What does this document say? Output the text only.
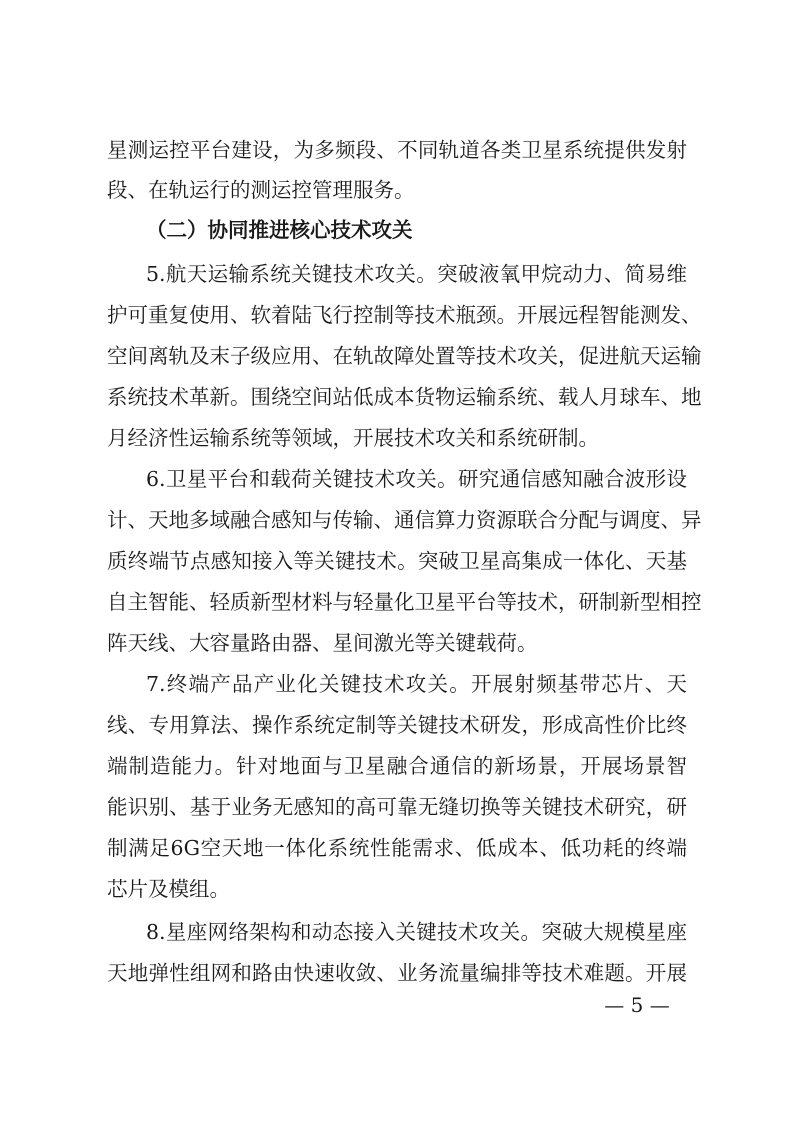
星测运控平台建设，为多频段、不同轨道各类卫星系统提供发射
段、在轨运行的测运控管理服务。
（二）协同推进核心技术攻关
5.航天运输系统关键技术攻关。突破液氧甲烷动力、简易维
护可重复使用、软着陆飞行控制等技术瓶颈。开展远程智能测发、
空间离轨及末子级应用、在轨故障处置等技术攻关，促进航天运输
系统技术革新。围绕空间站低成本货物运输系统、载人月球车、地
月经济性运输系统等领域，开展技术攻关和系统研制。
6.卫星平台和载荷关键技术攻关。研究通信感知融合波形设
计、天地多域融合感知与传输、通信算力资源联合分配与调度、异
质终端节点感知接入等关键技术。突破卫星高集成一体化、天基
自主智能、轻质新型材料与轻量化卫星平台等技术，研制新型相控
阵天线、大容量路由器、星间激光等关键载荷。
7.终端产品产业化关键技术攻关。开展射频基带芯片、天
线、专用算法、操作系统定制等关键技术研发，形成高性价比终
端制造能力。针对地面与卫星融合通信的新场景，开展场景智
能识别、基于业务无感知的高可靠无缝切换等关键技术研究，研
制满足6G空天地一体化系统性能需求、低成本、低功耗的终端
芯片及模组。
8.星座网络架构和动态接入关键技术攻关。突破大规模星座
天地弹性组网和路由快速收敛、业务流量编排等技术难题。开展
— 5 —
